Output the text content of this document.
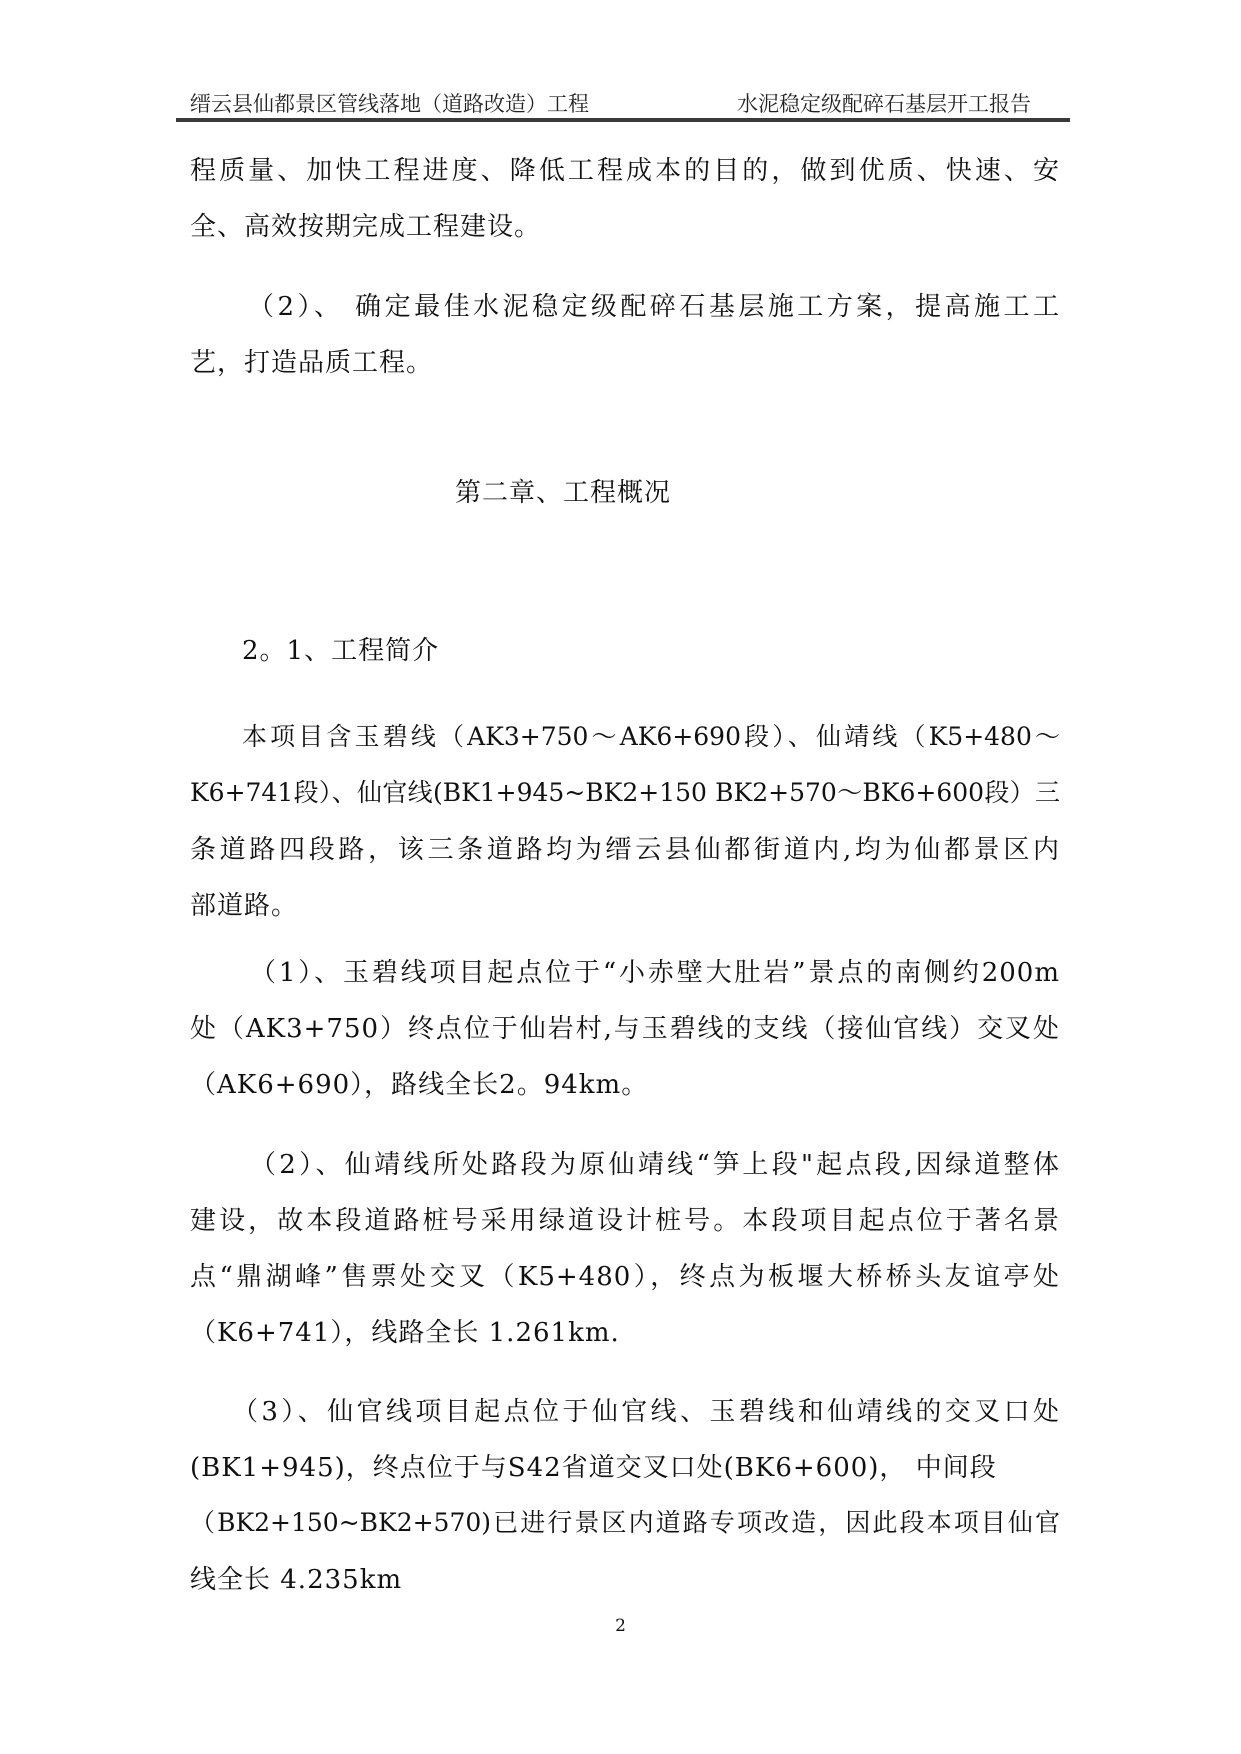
缙云县仙都景区管线落地（道路改造）工程	水泥稳定级配碎石基层开工报告
程质量、加快工程进度、降低工程成本的目的，做到优质、快速、安
全、高效按期完成工程建设。
（2）、 确定最佳水泥稳定级配碎石基层施工方案，提高施工工
艺，打造品质工程。
第二章、工程概况
2。1、工程简介
本项目含玉碧线（AK3+750～AK6+690段）、仙靖线（K5+480～
K6+741段）、仙官线(BK1+945~BK2+150 BK2+570～BK6+600段）三
条道路四段路，该三条道路均为缙云县仙都街道内,均为仙都景区内
部道路。
（1）、玉碧线项目起点位于“小赤壁大肚岩”景点的南侧约200m
处（AK3+750）终点位于仙岩村,与玉碧线的支线（接仙官线）交叉处
（AK6+690），路线全长2。94km。
（2）、仙靖线所处路段为原仙靖线“笋上段"起点段,因绿道整体
建设，故本段道路桩号采用绿道设计桩号。本段项目起点位于著名景
点“鼎湖峰”售票处交叉（K5+480），终点为板堰大桥桥头友谊亭处
（K6+741），线路全长 1.261km.
（3）、仙官线项目起点位于仙官线、玉碧线和仙靖线的交叉口处
(BK1+945)，终点位于与S42省道交叉口处(BK6+600)， 中间段
（BK2+150~BK2+570)已进行景区内道路专项改造，因此段本项目仙官
线全长 4.235km
2
